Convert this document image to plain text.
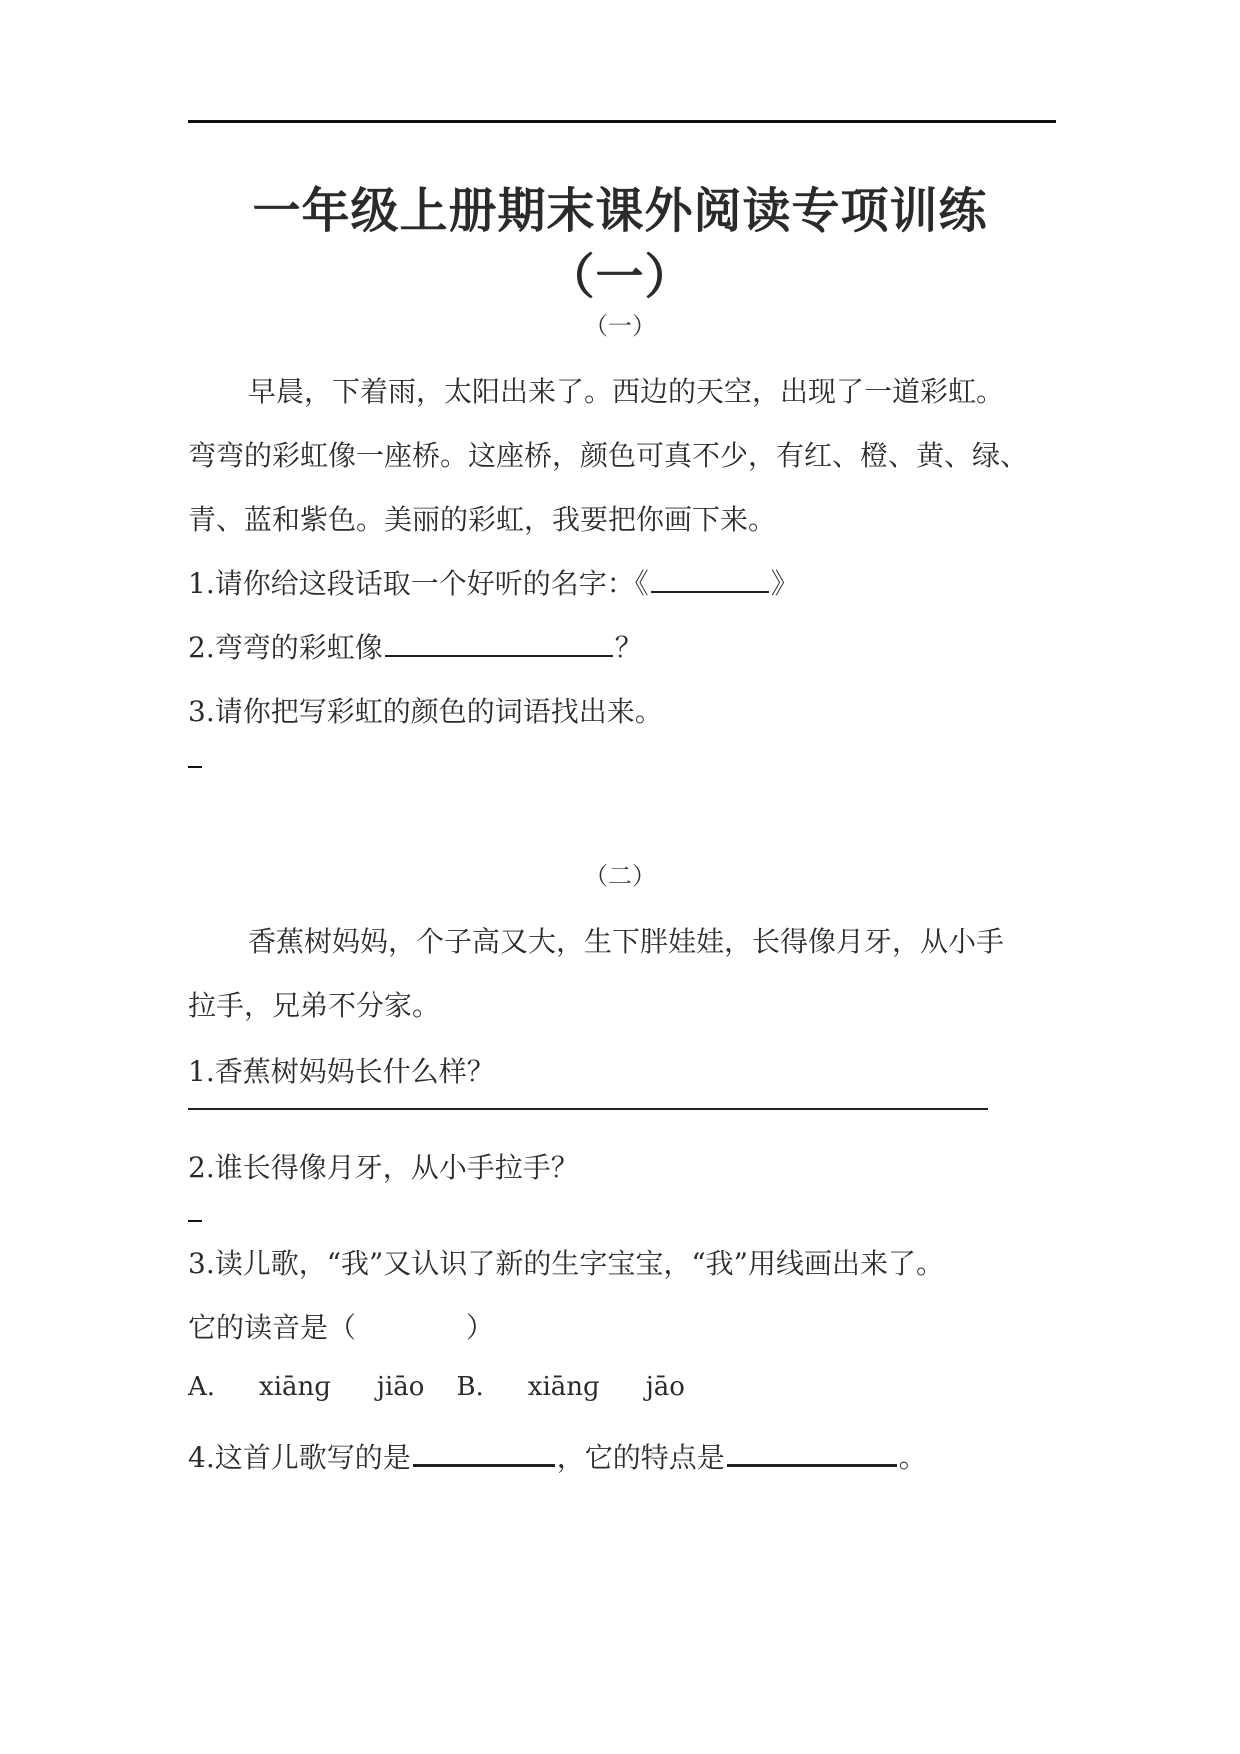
一年级上册期末课外阅读专项训练
（一）
（一）
早晨，下着雨，太阳出来了。西边的天空，出现了一道彩虹。
弯弯的彩虹像一座桥。这座桥，颜色可真不少，有红、橙、黄、绿、
青、蓝和紫色。美丽的彩虹，我要把你画下来。
1.请你给这段话取一个好听的名字：《	》
2.弯弯的彩虹像	？
3.请你把写彩虹的颜色的词语找出来。
（二）
香蕉树妈妈，个子高又大，生下胖娃娃，长得像月牙，从小手
拉手，兄弟不分家。
1.香蕉树妈妈长什么样？
2.谁长得像月牙，从小手拉手？
3.读儿歌，“我”又认识了新的生字宝宝，“我”用线画出来了。
它的读音是（	）
A. xiānɡ jiāo B. xiānɡ jāo
4.这首儿歌写的是	，它的特点是	。
